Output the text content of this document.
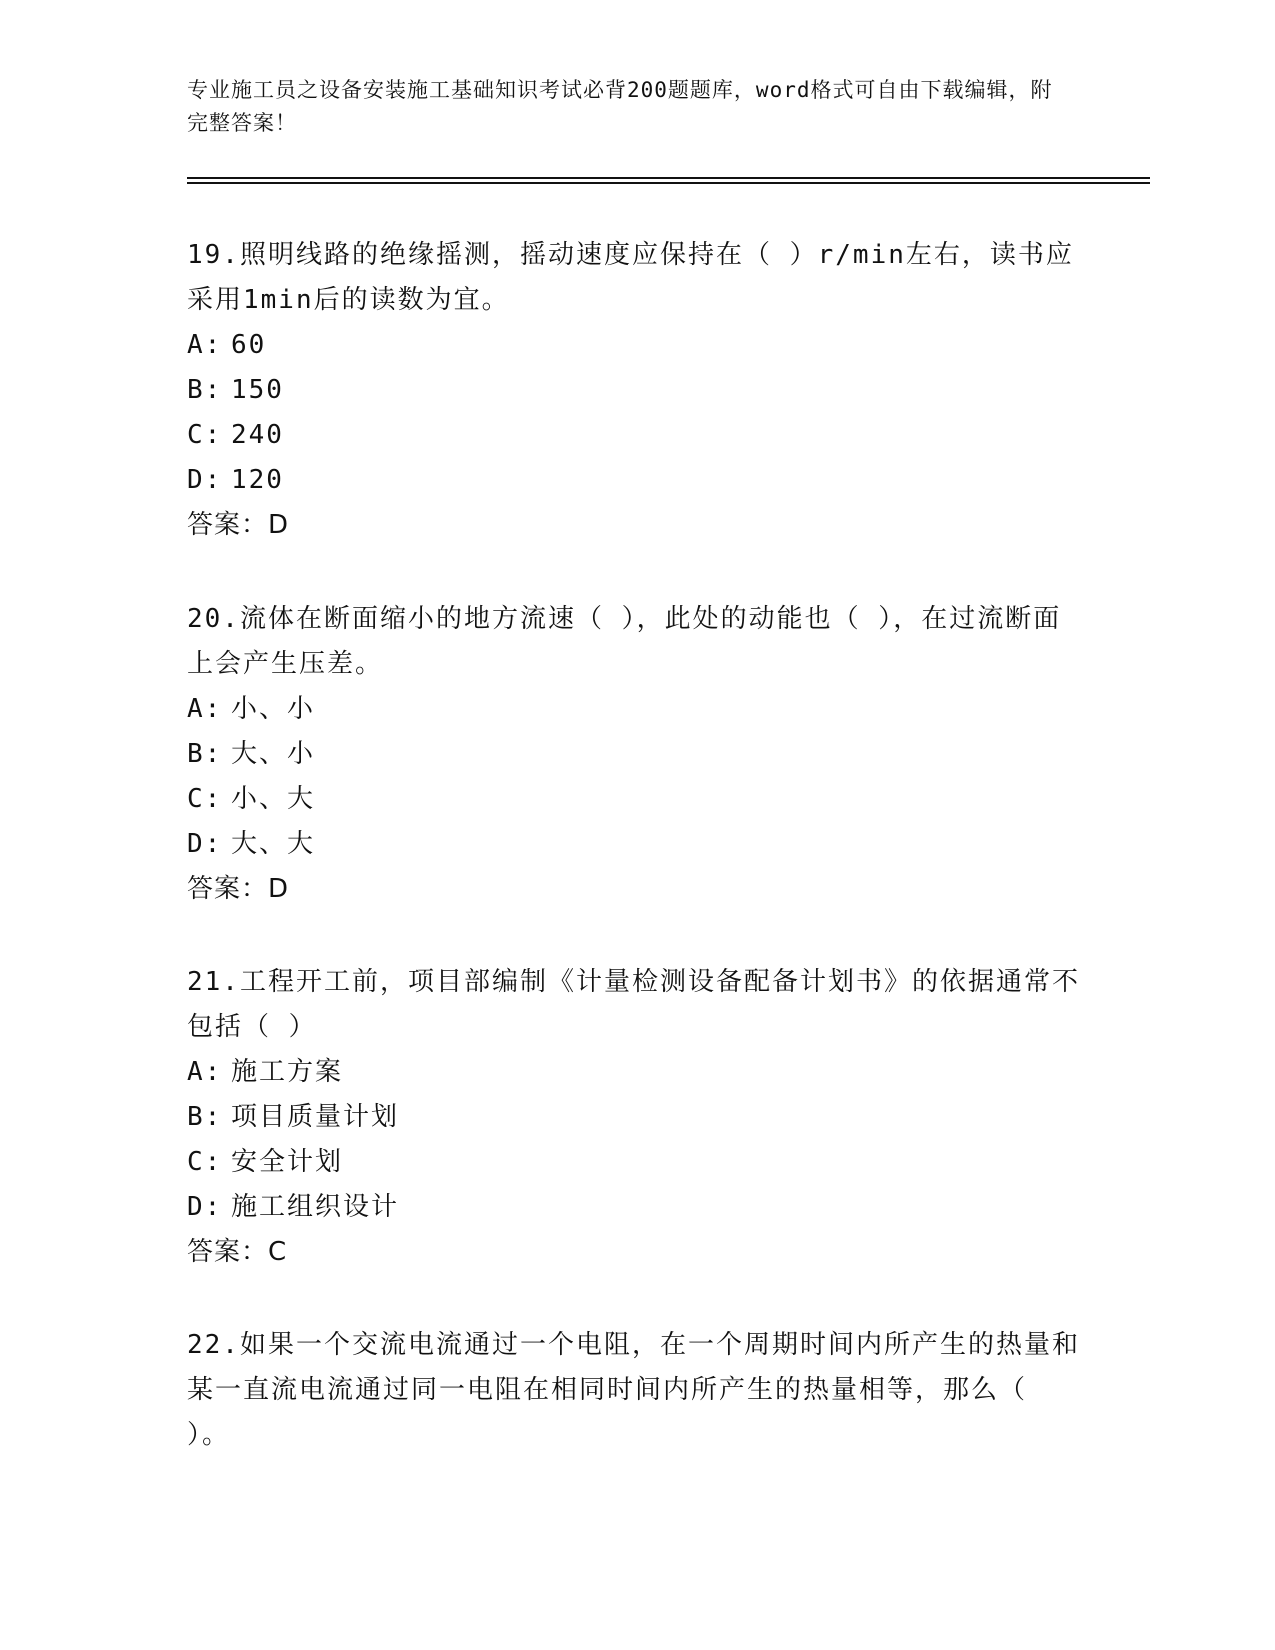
专业施工员之设备安装施工基础知识考试必背200题题库，word格式可自由下载编辑，附完整答案！

19.照明线路的绝缘摇测，摇动速度应保持在（ ）r/min左右，读书应采用1min后的读数为宜。

A: 60
B: 150
C: 240
D: 120
答案：D

20.流体在断面缩小的地方流速（ ），此处的动能也（ ），在过流断面上会产生压差。

A: 小、小
B: 大、小
C: 小、大
D: 大、大
答案：D

21.工程开工前，项目部编制《计量检测设备配备计划书》的依据通常不包括（ ）

A: 施工方案
B: 项目质量计划
C: 安全计划
D: 施工组织设计
答案：C

22.如果一个交流电流通过一个电阻，在一个周期时间内所产生的热量和某一直流电流通过同一电阻在相同时间内所产生的热量相等，那么（ ）。
